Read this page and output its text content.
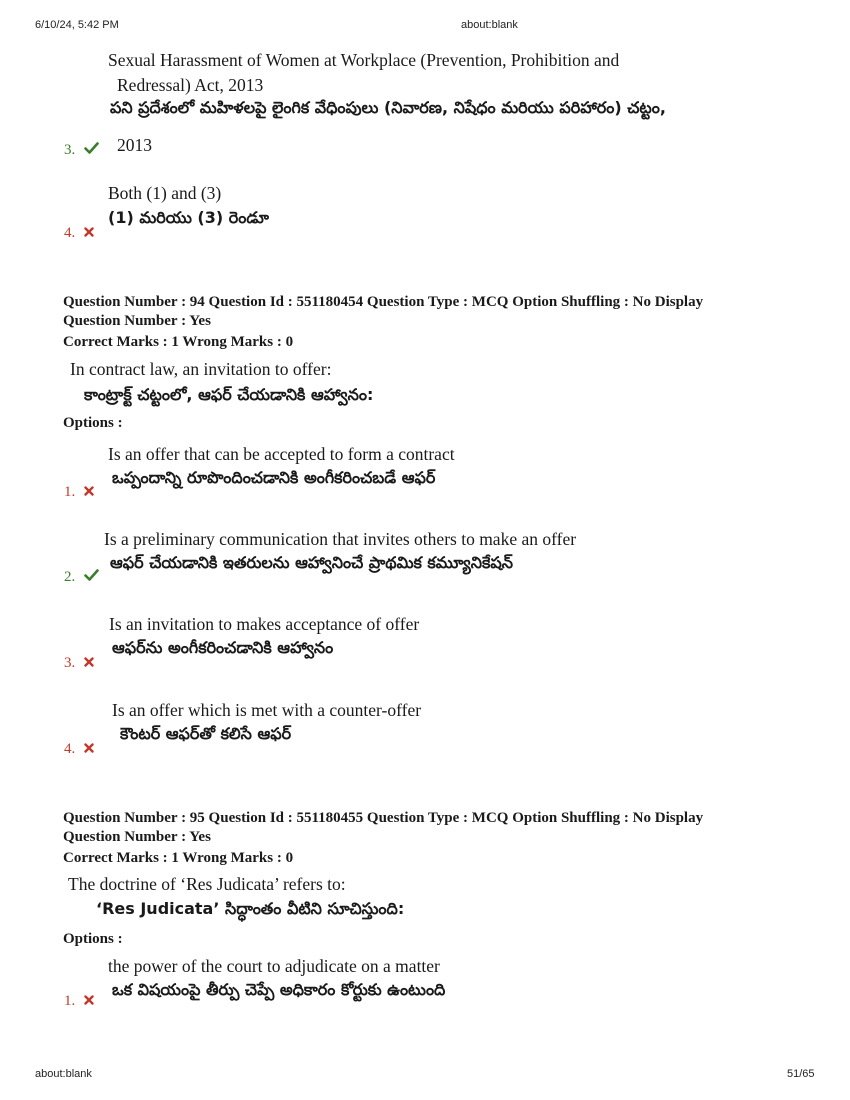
6/10/24, 5:42 PM	about:blank
Sexual Harassment of Women at Workplace (Prevention, Prohibition and
Redressal) Act, 2013
పని ప్రదేశంలో మహిళలపై లైంగిక వేధింపులు (నివారణ, నిషేధం మరియు పరిహారం) చట్టం,
2013
3.
Both (1) and (3)
(1) మరియు (3) రెండూ
4.
Question Number : 94 Question Id : 551180454 Question Type : MCQ Option Shuffling : No Display
Question Number : Yes
Correct Marks : 1 Wrong Marks : 0
In contract law, an invitation to offer:
కాంట్రాక్ట్ చట్టంలో, ఆఫర్ చేయడానికి ఆహ్వానం:
Options :
Is an offer that can be accepted to form a contract
ఒప్పందాన్ని రూపొందించడానికి అంగీకరించబడే ఆఫర్
1.
Is a preliminary communication that invites others to make an offer
ఆఫర్ చేయడానికి ఇతరులను ఆహ్వానించే ప్రాథమిక కమ్యూనికేషన్
2.
Is an invitation to makes acceptance of offer
ఆఫర్‌ను అంగీకరించడానికి ఆహ్వానం
3.
Is an offer which is met with a counter-offer
కౌంటర్ ఆఫర్‌తో కలిసే ఆఫర్
4.
Question Number : 95 Question Id : 551180455 Question Type : MCQ Option Shuffling : No Display
Question Number : Yes
Correct Marks : 1 Wrong Marks : 0
The doctrine of ‘Res Judicata’ refers to:
‘Res Judicata’ సిద్ధాంతం వీటిని సూచిస్తుంది:
Options :
the power of the court to adjudicate on a matter
ఒక విషయంపై తీర్పు చెప్పే అధికారం కోర్టుకు ఉంటుంది
1.
about:blank	51/65
